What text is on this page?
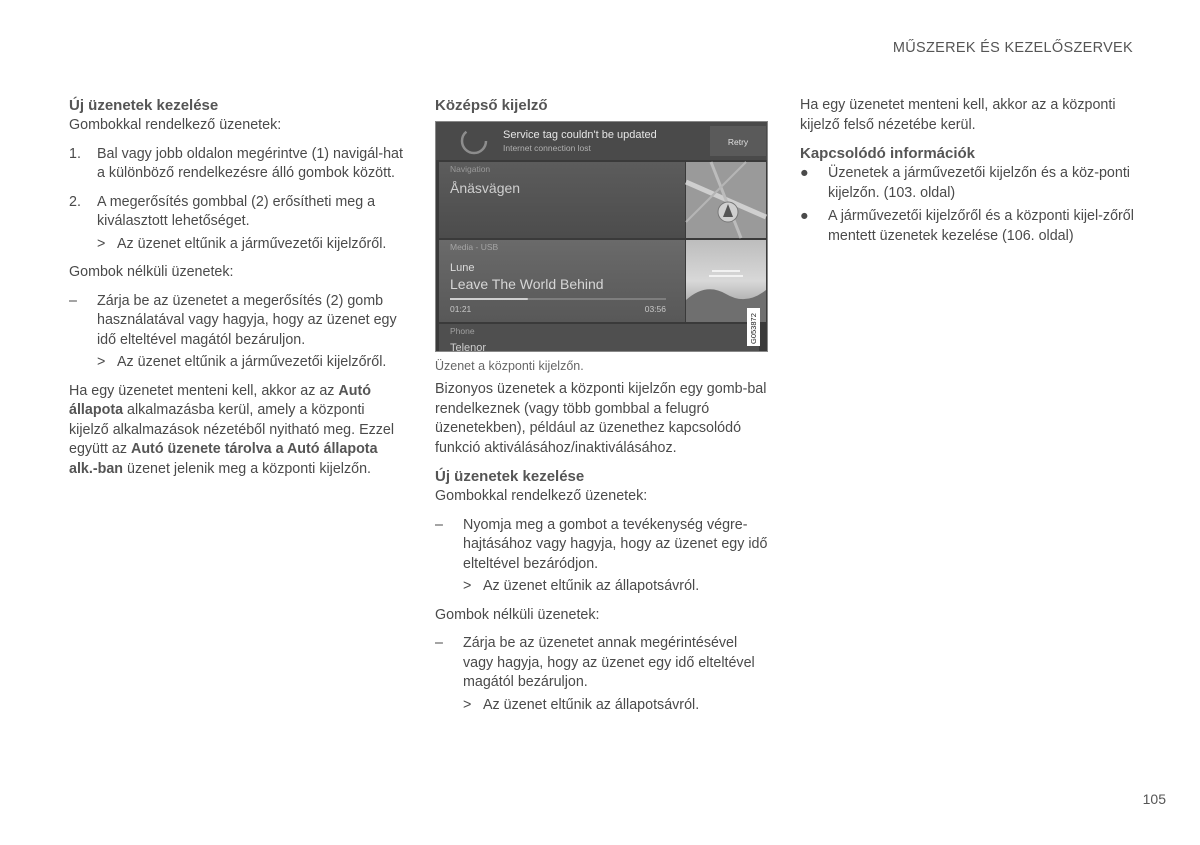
MŰSZEREK ÉS KEZELŐSZERVEK
Új üzenetek kezelése

Gombokkal rendelkező üzenetek:

1.	Bal vagy jobb oldalon megérintve (1) navigál-hat a különböző rendelkezésre álló gombok között.
2.	A megerősítés gombbal (2) erősítheti meg a kiválasztott lehetőséget.
> Az üzenet eltűnik a járművezetői kijelzőről.

Gombok nélküli üzenetek:

–	Zárja be az üzenetet a megerősítés (2) gomb használatával vagy hagyja, hogy az üzenet egy idő elteltével magától bezáruljon.
> Az üzenet eltűnik a járművezetői kijelzőről.

Ha egy üzenetet menteni kell, akkor az az Autó állapota alkalmazásba kerül, amely a központi kijelző alkalmazások nézetéből nyitható meg. Ezzel együtt az Autó üzenete tárolva a Autó állapota alk.-ban üzenet jelenik meg a központi kijelzőn.

Középső kijelző
Service tag couldn't be updated
Internet connection lost
Retry
Navigation
Ånäsvägen
Media - USB
Lune
Leave The World Behind
01:21	03:56
Phone
Telenor
G053872
Üzenet a központi kijelzőn.

Bizonyos üzenetek a központi kijelzőn egy gomb-bal rendelkeznek (vagy több gombbal a felugró üzenetekben), például az üzenethez kapcsolódó funkció aktiválásához/inaktiválásához.

Új üzenetek kezelése

Gombokkal rendelkező üzenetek:

–	Nyomja meg a gombot a tevékenység végre-hajtásához vagy hagyja, hogy az üzenet egy idő elteltével bezáródjon.
> Az üzenet eltűnik az állapotsávról.

Gombok nélküli üzenetek:

–	Zárja be az üzenetet annak megérintésével vagy hagyja, hogy az üzenet egy idő elteltével magától bezáruljon.
> Az üzenet eltűnik az állapotsávról.

Ha egy üzenetet menteni kell, akkor az a központi kijelző felső nézetébe kerül.

Kapcsolódó információk
●	Üzenetek a járművezetői kijelzőn és a köz-ponti kijelzőn. (103. oldal)
●	A járművezetői kijelzőről és a központi kijel-zőről mentett üzenetek kezelése (106. oldal)
105
